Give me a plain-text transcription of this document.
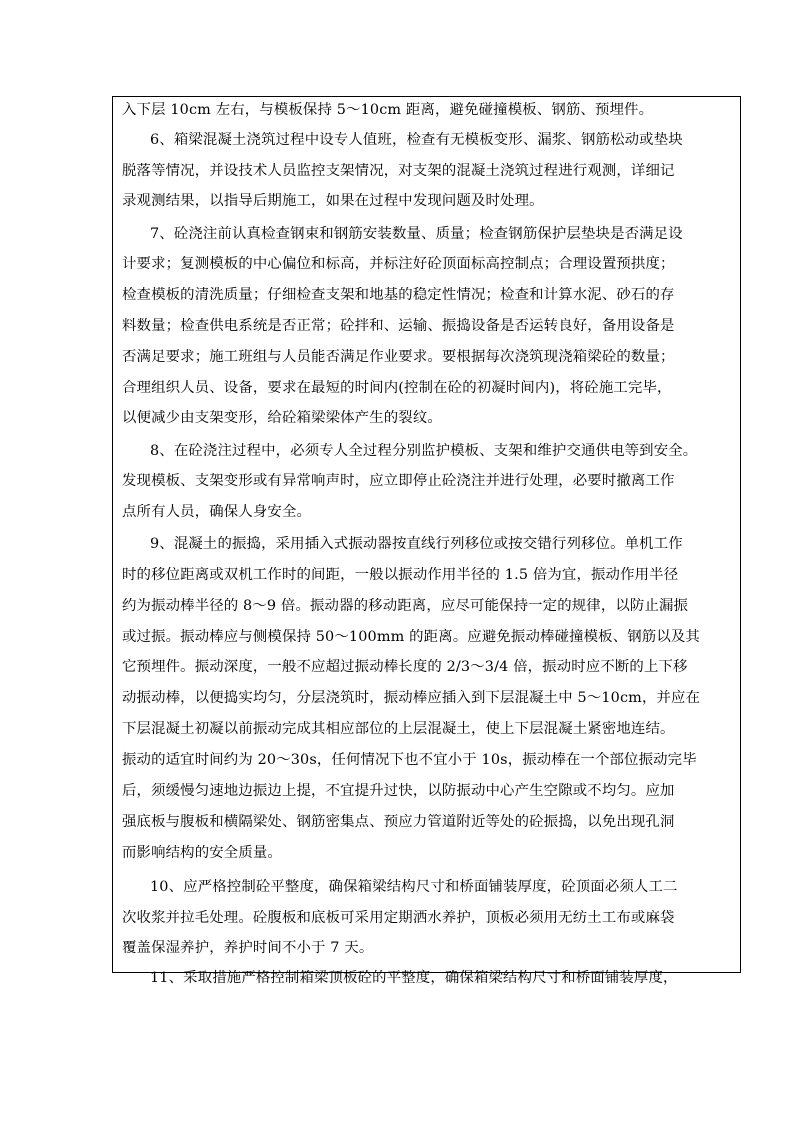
入下层 10cm 左右，与模板保持 5～10cm 距离，避免碰撞模板、钢筋、预埋件。
6、箱梁混凝土浇筑过程中设专人值班，检查有无模板变形、漏浆、钢筋松动或垫块
脱落等情况，并设技术人员监控支架情况，对支架的混凝土浇筑过程进行观测，详细记
录观测结果，以指导后期施工，如果在过程中发现问题及时处理。
7、砼浇注前认真检查钢束和钢筋安装数量、质量；检查钢筋保护层垫块是否满足设
计要求；复测模板的中心偏位和标高，并标注好砼顶面标高控制点；合理设置预拱度；
检查模板的清洗质量；仔细检查支架和地基的稳定性情况；检查和计算水泥、砂石的存
料数量；检查供电系统是否正常；砼拌和、运输、振捣设备是否运转良好，备用设备是
否满足要求；施工班组与人员能否满足作业要求。要根据每次浇筑现浇箱梁砼的数量；
合理组织人员、设备，要求在最短的时间内(控制在砼的初凝时间内)，将砼施工完毕，
以便减少由支架变形，给砼箱梁梁体产生的裂纹。
8、在砼浇注过程中，必须专人全过程分别监护模板、支架和维护交通供电等到安全。
发现模板、支架变形或有异常响声时，应立即停止砼浇注并进行处理，必要时撤离工作
点所有人员，确保人身安全。
9、混凝土的振捣，采用插入式振动器按直线行列移位或按交错行列移位。单机工作
时的移位距离或双机工作时的间距，一般以振动作用半径的 1.5 倍为宜，振动作用半径
约为振动棒半径的 8～9 倍。振动器的移动距离，应尽可能保持一定的规律，以防止漏振
或过振。振动棒应与侧模保持 50～100mm 的距离。应避免振动棒碰撞模板、钢筋以及其
它预埋件。振动深度，一般不应超过振动棒长度的 2/3～3/4 倍，振动时应不断的上下移
动振动棒，以便捣实均匀，分层浇筑时，振动棒应插入到下层混凝土中 5～10cm，并应在
下层混凝土初凝以前振动完成其相应部位的上层混凝土，使上下层混凝土紧密地连结。
振动的适宜时间约为 20～30s，任何情况下也不宜小于 10s，振动棒在一个部位振动完毕
后，须缓慢匀速地边振边上提，不宜提升过快，以防振动中心产生空隙或不均匀。应加
强底板与腹板和横隔梁处、钢筋密集点、预应力管道附近等处的砼振捣，以免出现孔洞
而影响结构的安全质量。
10、应严格控制砼平整度，确保箱梁结构尺寸和桥面铺装厚度，砼顶面必须人工二
次收浆并拉毛处理。砼腹板和底板可采用定期洒水养护，顶板必须用无纺土工布或麻袋
覆盖保湿养护，养护时间不小于 7 天。
11、采取措施严格控制箱梁顶板砼的平整度，确保箱梁结构尺寸和桥面铺装厚度，
